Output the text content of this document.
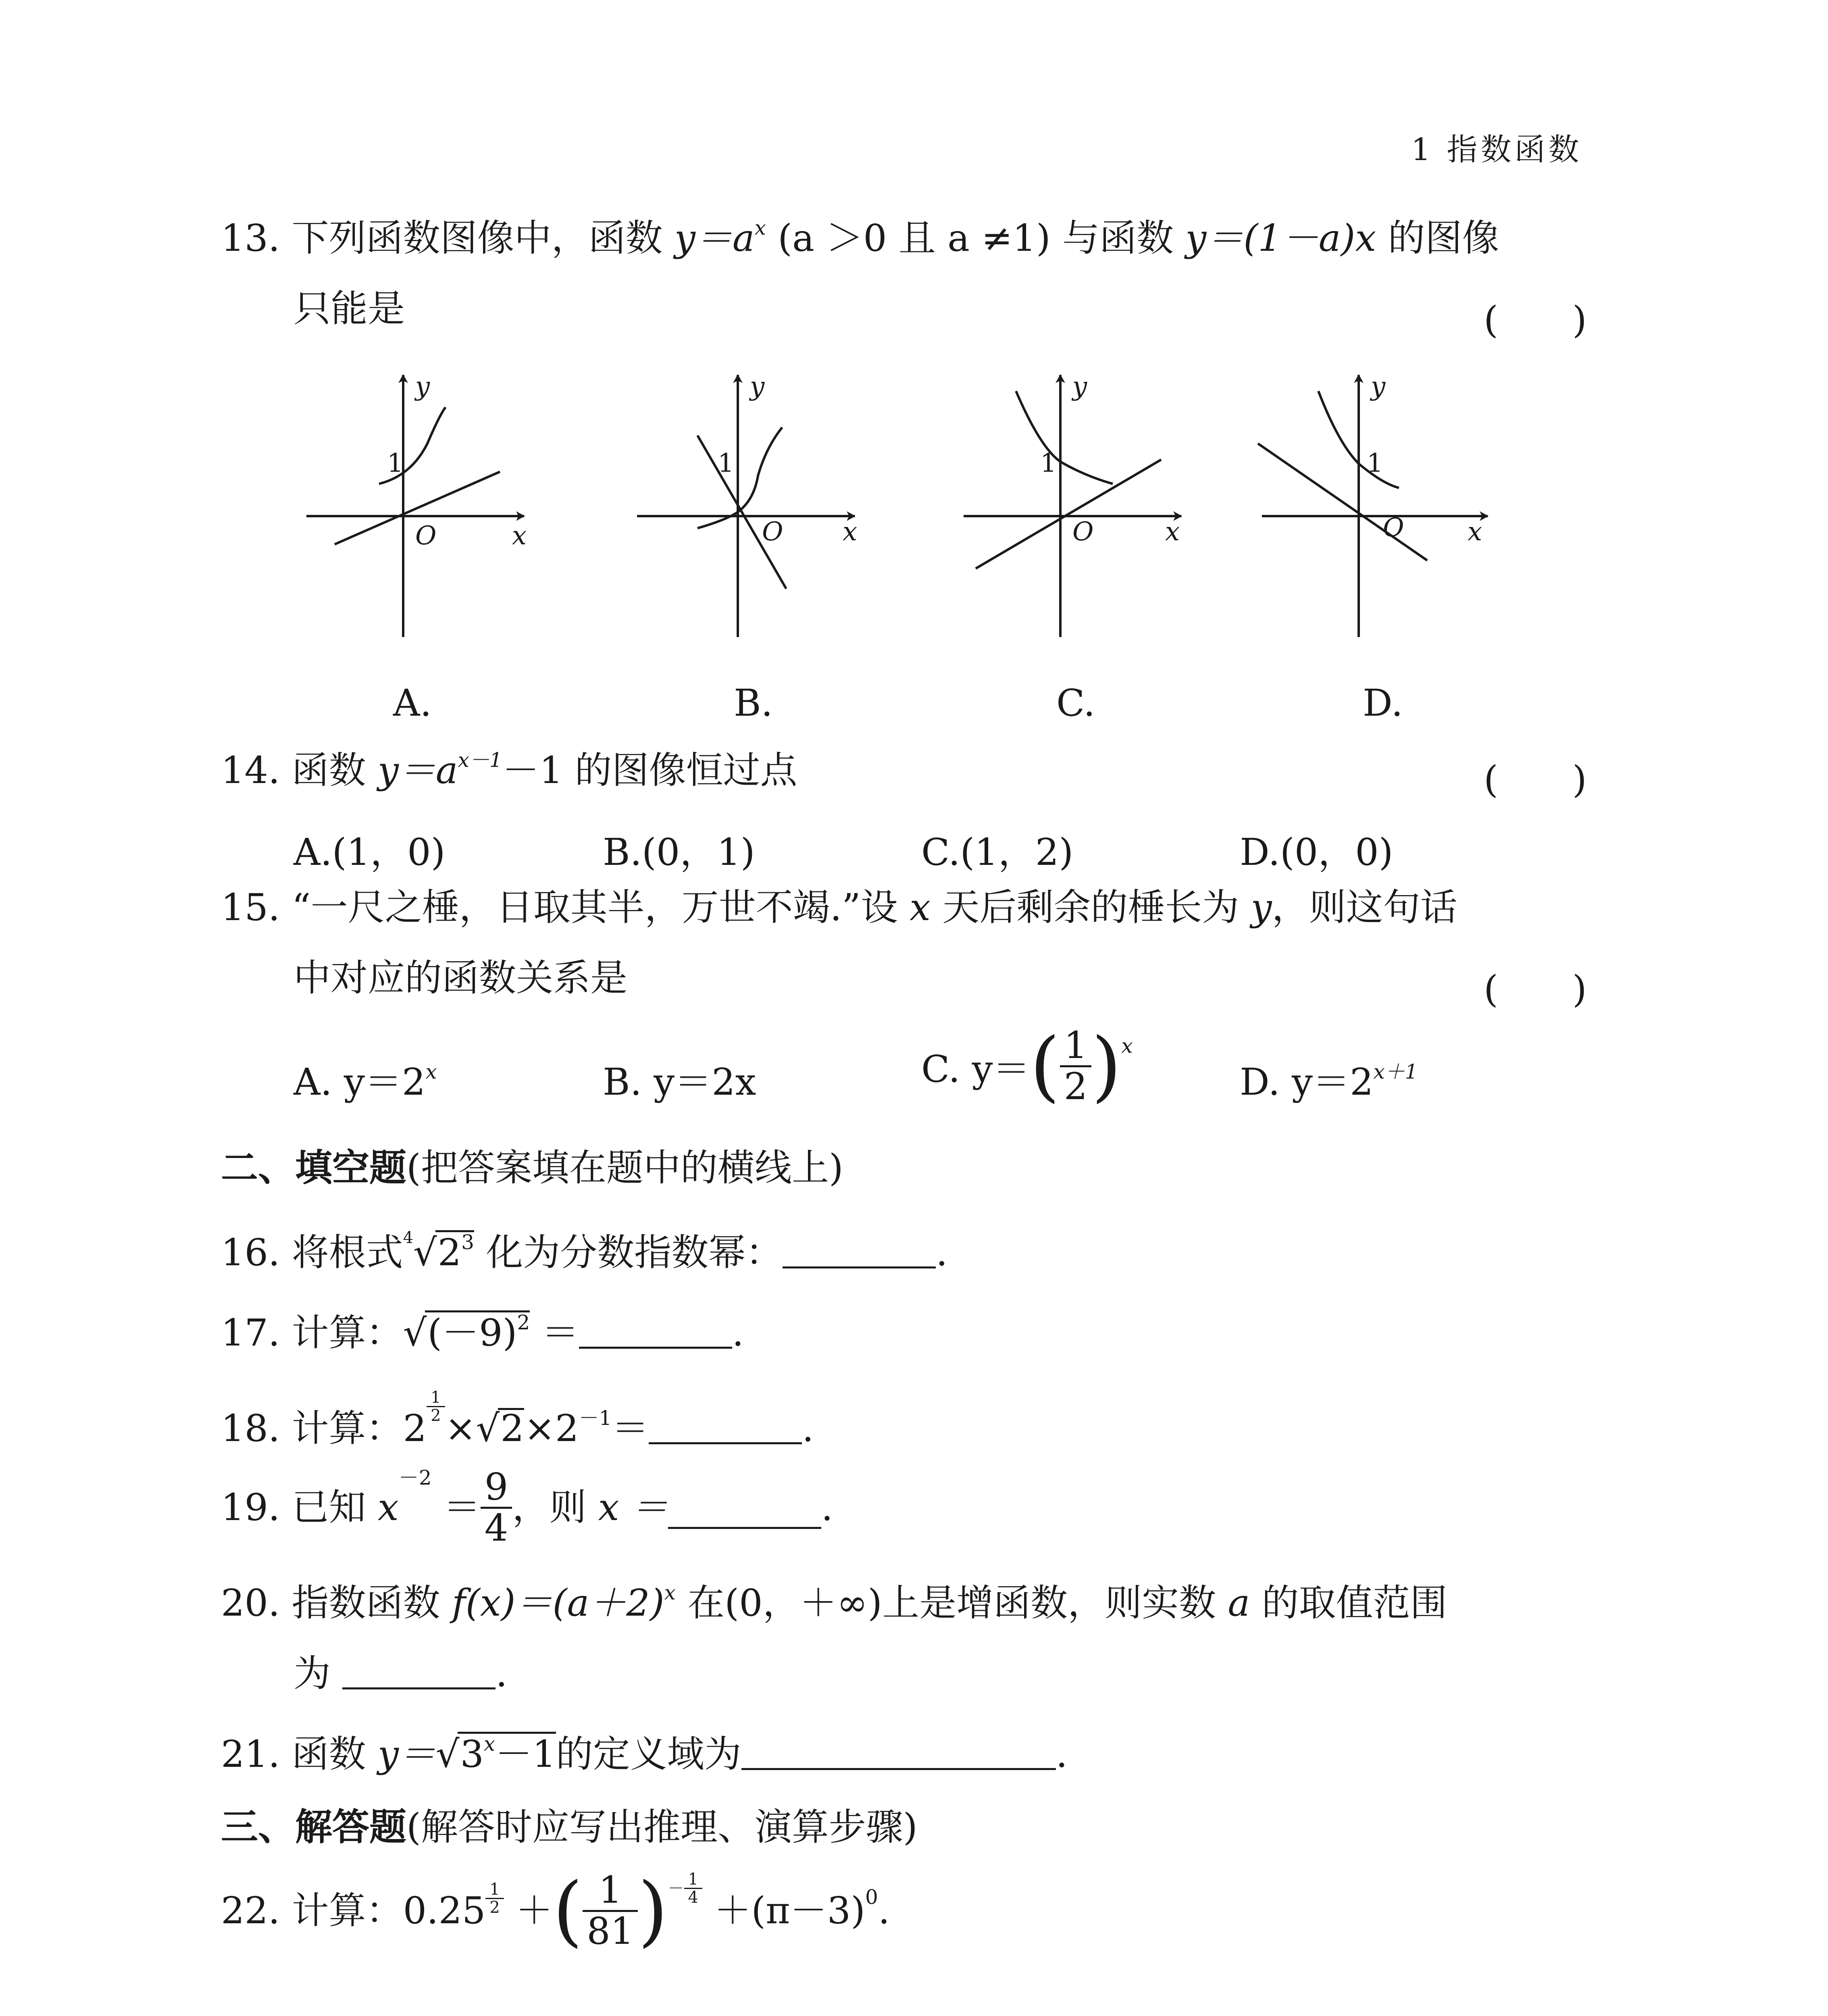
1 指数函数
13. 下列函数图像中，函数 $y=a^x$ (a ＞0 且 a ≠1) 与函数 y＝(1－a)x 的图像
只能是	(　　)
y
x
O
1
y
x
O
1
y
x
O
1
y
x
O
1
A.	B.	C.	D.
14. 函数 $y=a^{x-1}-1$ 的图像恒过点	(　　)
A.(1，0)	B.(0，1)	C.(1，2)	D.(0，0)
15. “一尺之棰，日取其半，万世不竭.”设 x 天后剩余的棰长为 y，则这句话
中对应的函数关系是	(　　)
A. $y=2^x$	B. y＝2x	C. y＝ ( $\frac{1}{2} )^x$
D. $y=2^{x+1}$
二、填空题(把答案填在题中的横线上)
16. 将根式$^4√2^3$ 化为分数指数幂：	.
17. 计算：$√(-9)^2$ ＝	.
18. 计算：2
$\frac{1}{2}$
$\times√2\times 2^{-1}=$	.
19.
已知
x
－2

＝ $\frac{9}{4}$ ，则
x ＝	.
20. 指数函数 $f(x)=(a+2)^x$ 在(0，＋∞)上是增函数，则实数 a 的取值范围
为	.
21. 函数 $y=√3^x-1$的定义域为	.
三、解答题(解答时应写出推理、演算步骤)
22.
计算： $0.25 \frac{1}{2}$
＋ ( $\frac{1}{81}$ ) － $\frac{1}{4}$

$+(\pi-3)^0$ .
